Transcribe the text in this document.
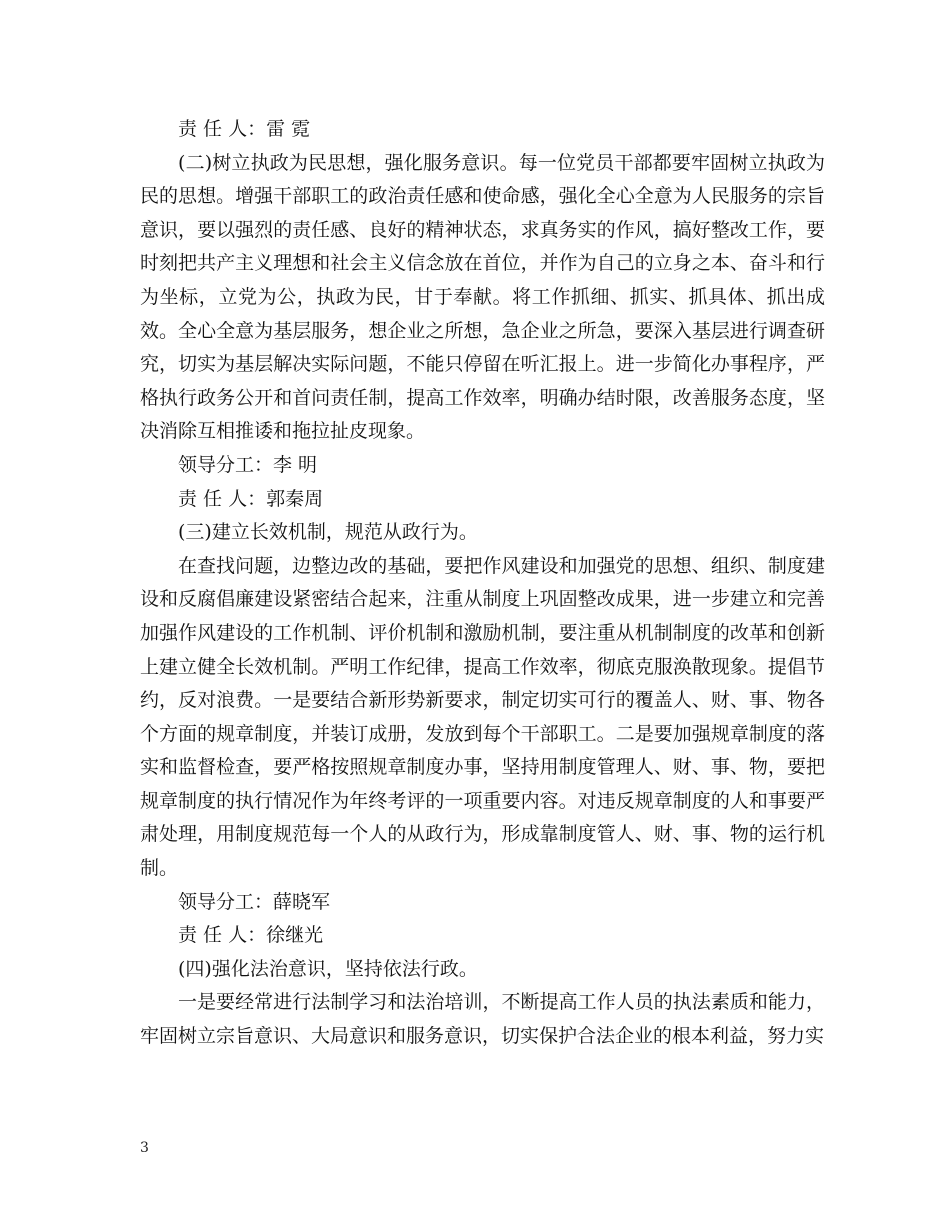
责 任 人：雷 霓

(二)树立执政为民思想，强化服务意识。每一位党员干部都要牢固树立执政为民的思想。增强干部职工的政治责任感和使命感，强化全心全意为人民服务的宗旨意识，要以强烈的责任感、良好的精神状态，求真务实的作风，搞好整改工作，要时刻把共产主义理想和社会主义信念放在首位，并作为自己的立身之本、奋斗和行为坐标，立党为公，执政为民，甘于奉献。将工作抓细、抓实、抓具体、抓出成效。全心全意为基层服务，想企业之所想，急企业之所急，要深入基层进行调查研究，切实为基层解决实际问题，不能只停留在听汇报上。进一步简化办事程序，严格执行政务公开和首问责任制，提高工作效率，明确办结时限，改善服务态度，坚决消除互相推诿和拖拉扯皮现象。

领导分工：李 明

责 任 人：郭秦周

(三)建立长效机制，规范从政行为。

在查找问题，边整边改的基础，要把作风建设和加强党的思想、组织、制度建设和反腐倡廉建设紧密结合起来，注重从制度上巩固整改成果，进一步建立和完善加强作风建设的工作机制、评价机制和激励机制，要注重从机制制度的改革和创新上建立健全长效机制。严明工作纪律，提高工作效率，彻底克服涣散现象。提倡节约，反对浪费。一是要结合新形势新要求，制定切实可行的覆盖人、财、事、物各个方面的规章制度，并装订成册，发放到每个干部职工。二是要加强规章制度的落实和监督检查，要严格按照规章制度办事，坚持用制度管理人、财、事、物，要把规章制度的执行情况作为年终考评的一项重要内容。对违反规章制度的人和事要严肃处理，用制度规范每一个人的从政行为，形成靠制度管人、财、事、物的运行机制。

领导分工：薛晓军

责 任 人：徐继光

(四)强化法治意识，坚持依法行政。

一是要经常进行法制学习和法治培训，不断提高工作人员的执法素质和能力，牢固树立宗旨意识、大局意识和服务意识，切实保护合法企业的根本利益，努力实

3
